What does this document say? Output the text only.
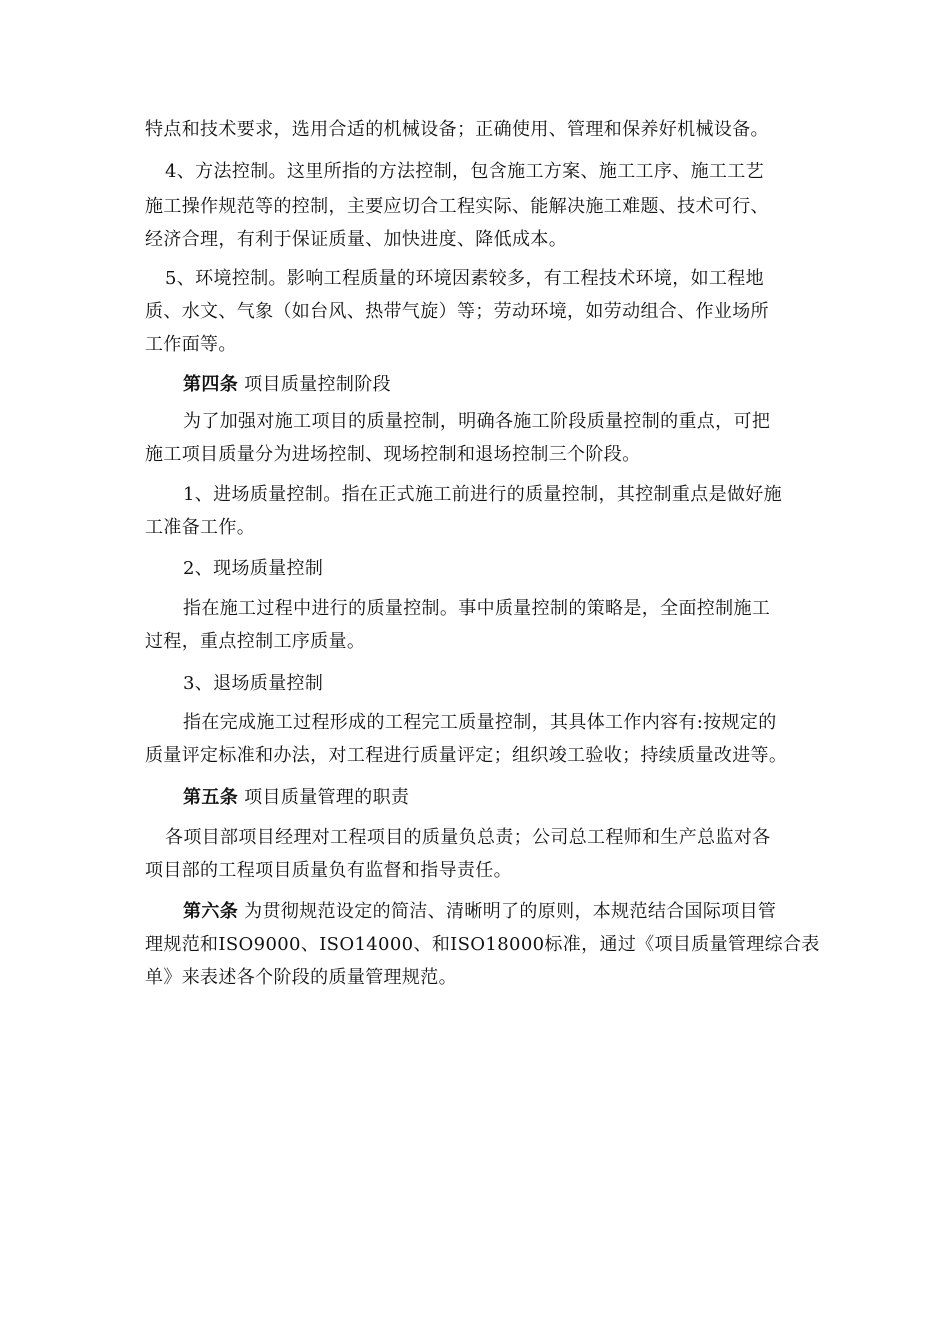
特点和技术要求，选用合适的机械设备；正确使用、管理和保养好机械设备。
4、方法控制。这里所指的方法控制，包含施工方案、施工工序、施工工艺
施工操作规范等的控制，主要应切合工程实际、能解决施工难题、技术可行、
经济合理，有利于保证质量、加快进度、降低成本。
5、环境控制。影响工程质量的环境因素较多，有工程技术环境，如工程地
质、水文、气象（如台风、热带气旋）等；劳动环境，如劳动组合、作业场所
工作面等。
第四条 项目质量控制阶段
为了加强对施工项目的质量控制，明确各施工阶段质量控制的重点，可把
施工项目质量分为进场控制、现场控制和退场控制三个阶段。
1、进场质量控制。指在正式施工前进行的质量控制，其控制重点是做好施
工准备工作。
2、现场质量控制
指在施工过程中进行的质量控制。事中质量控制的策略是，全面控制施工
过程，重点控制工序质量。
3、退场质量控制
指在完成施工过程形成的工程完工质量控制，其具体工作内容有:按规定的
质量评定标准和办法，对工程进行质量评定；组织竣工验收；持续质量改进等。
第五条 项目质量管理的职责
各项目部项目经理对工程项目的质量负总责；公司总工程师和生产总监对各
项目部的工程项目质量负有监督和指导责任。
第六条 为贯彻规范设定的简洁、清晰明了的原则，本规范结合国际项目管
理规范和ISO9000、ISO14000、和ISO18000标准，通过《项目质量管理综合表
单》来表述各个阶段的质量管理规范。
